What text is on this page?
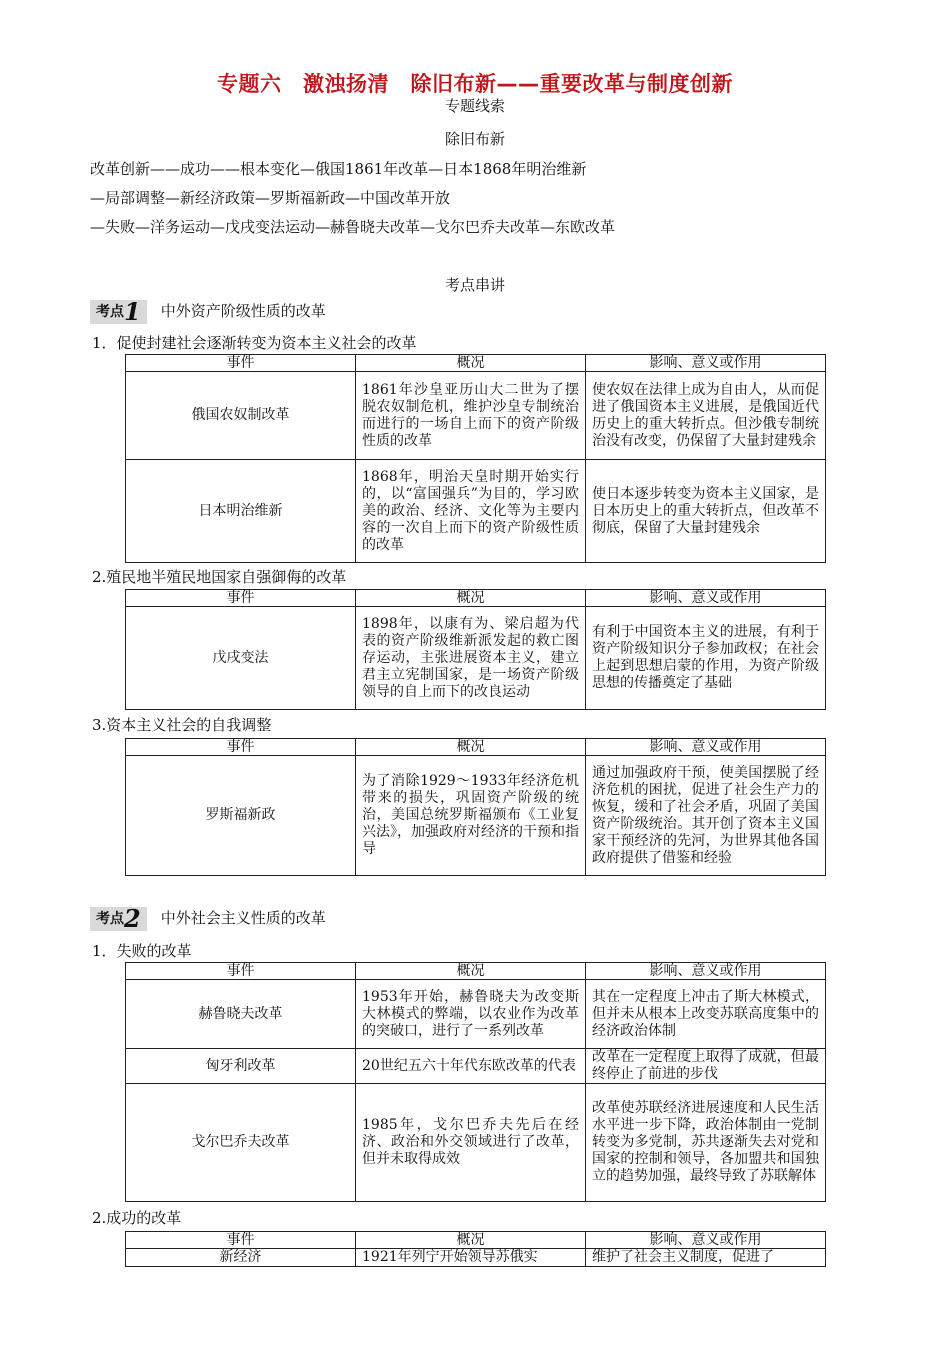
专题六　激浊扬清　除旧布新——重要改革与制度创新
专题线索
除旧布新
改革创新——成功——根本变化—俄国1861年改革—日本1868年明治维新
—局部调整—新经济政策—罗斯福新政—中国改革开放
—失败—洋务运动—戊戌变法运动—赫鲁晓夫改革—戈尔巴乔夫改革—东欧改革
考点串讲
考点1 中外资产阶级性质的改革
1．促使封建社会逐渐转变为资本主义社会的改革
事件	概况	影响、意义或作用
俄国农奴制改革	1861年沙皇亚历山大二世为了摆脱农奴制危机，维护沙皇专制统治而进行的一场自上而下的资产阶级性质的改革	使农奴在法律上成为自由人，从而促进了俄国资本主义进展，是俄国近代历史上的重大转折点。但沙俄专制统治没有改变，仍保留了大量封建残余
日本明治维新	1868年，明治天皇时期开始实行的，以“富国强兵”为目的，学习欧美的政治、经济、文化等为主要内容的一次自上而下的资产阶级性质的改革	使日本逐步转变为资本主义国家，是日本历史上的重大转折点，但改革不彻底，保留了大量封建残余
2.殖民地半殖民地国家自强御侮的改革
事件	概况	影响、意义或作用
戊戌变法	1898年，以康有为、梁启超为代表的资产阶级维新派发起的救亡图存运动，主张进展资本主义，建立君主立宪制国家，是一场资产阶级领导的自上而下的改良运动	有利于中国资本主义的进展，有利于资产阶级知识分子参加政权；在社会上起到思想启蒙的作用，为资产阶级思想的传播奠定了基础
3.资本主义社会的自我调整
事件	概况	影响、意义或作用
罗斯福新政	为了消除1929～1933年经济危机带来的损失，巩固资产阶级的统治，美国总统罗斯福颁布《工业复兴法》，加强政府对经济的干预和指导	通过加强政府干预，使美国摆脱了经济危机的困扰，促进了社会生产力的恢复，缓和了社会矛盾，巩固了美国资产阶级统治。其开创了资本主义国家干预经济的先河，为世界其他各国政府提供了借鉴和经验
考点2 中外社会主义性质的改革
1．失败的改革
事件	概况	影响、意义或作用
赫鲁晓夫改革	1953年开始，赫鲁晓夫为改变斯大林模式的弊端，以农业作为改革的突破口，进行了一系列改革	其在一定程度上冲击了斯大林模式，但并未从根本上改变苏联高度集中的经济政治体制
匈牙利改革	20世纪五六十年代东欧改革的代表	改革在一定程度上取得了成就，但最终停止了前进的步伐
戈尔巴乔夫改革	1985年，戈尔巴乔夫先后在经济、政治和外交领域进行了改革，但并未取得成效	改革使苏联经济进展速度和人民生活水平进一步下降，政治体制由一党制转变为多党制，苏共逐渐失去对党和国家的控制和领导，各加盟共和国独立的趋势加强，最终导致了苏联解体
2.成功的改革
事件	概况	影响、意义或作用
新经济	1921年列宁开始领导苏俄实	维护了社会主义制度，促进了
